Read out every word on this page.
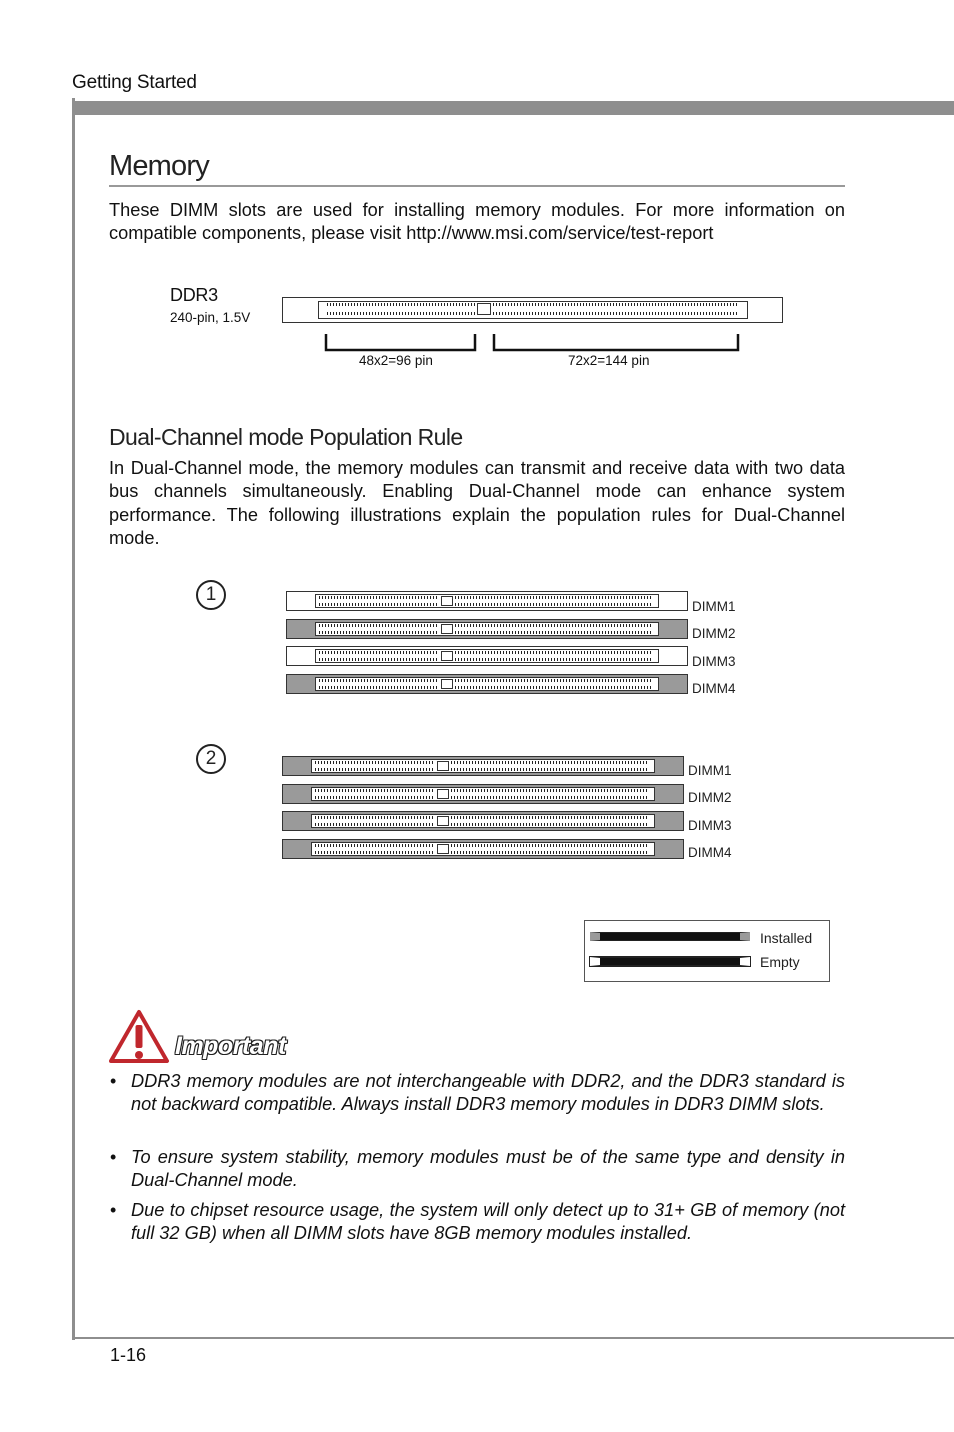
Getting Started
1-16
Memory
These DIMM slots are used for installing memory modules. For more information on compatible components, please visit http://www.msi.com/service/test-report
DDR3
240-pin, 1.5V
48x2=96 pin	72x2=144 pin
Dual-Channel mode Population Rule
In Dual-Channel mode, the memory modules can transmit and receive data with two data bus channels simultaneously. Enabling Dual-Channel mode can enhance system performance. The following illustrations explain the population rules for Dual-Channel mode.
1
DIMM1
DIMM2
DIMM3
DIMM4
2
DIMM1
DIMM2
DIMM3
DIMM4
Installed
Empty
Important
• DDR3 memory modules are not interchangeable with DDR2, and the DDR3 standard is not backward compatible. Always install DDR3 memory modules in DDR3 DIMM slots.
• To ensure system stability, memory modules must be of the same type and density in Dual-Channel mode.
• Due to chipset resource usage, the system will only detect up to 31+ GB of memory (not full 32 GB) when all DIMM slots have 8GB memory modules installed.
